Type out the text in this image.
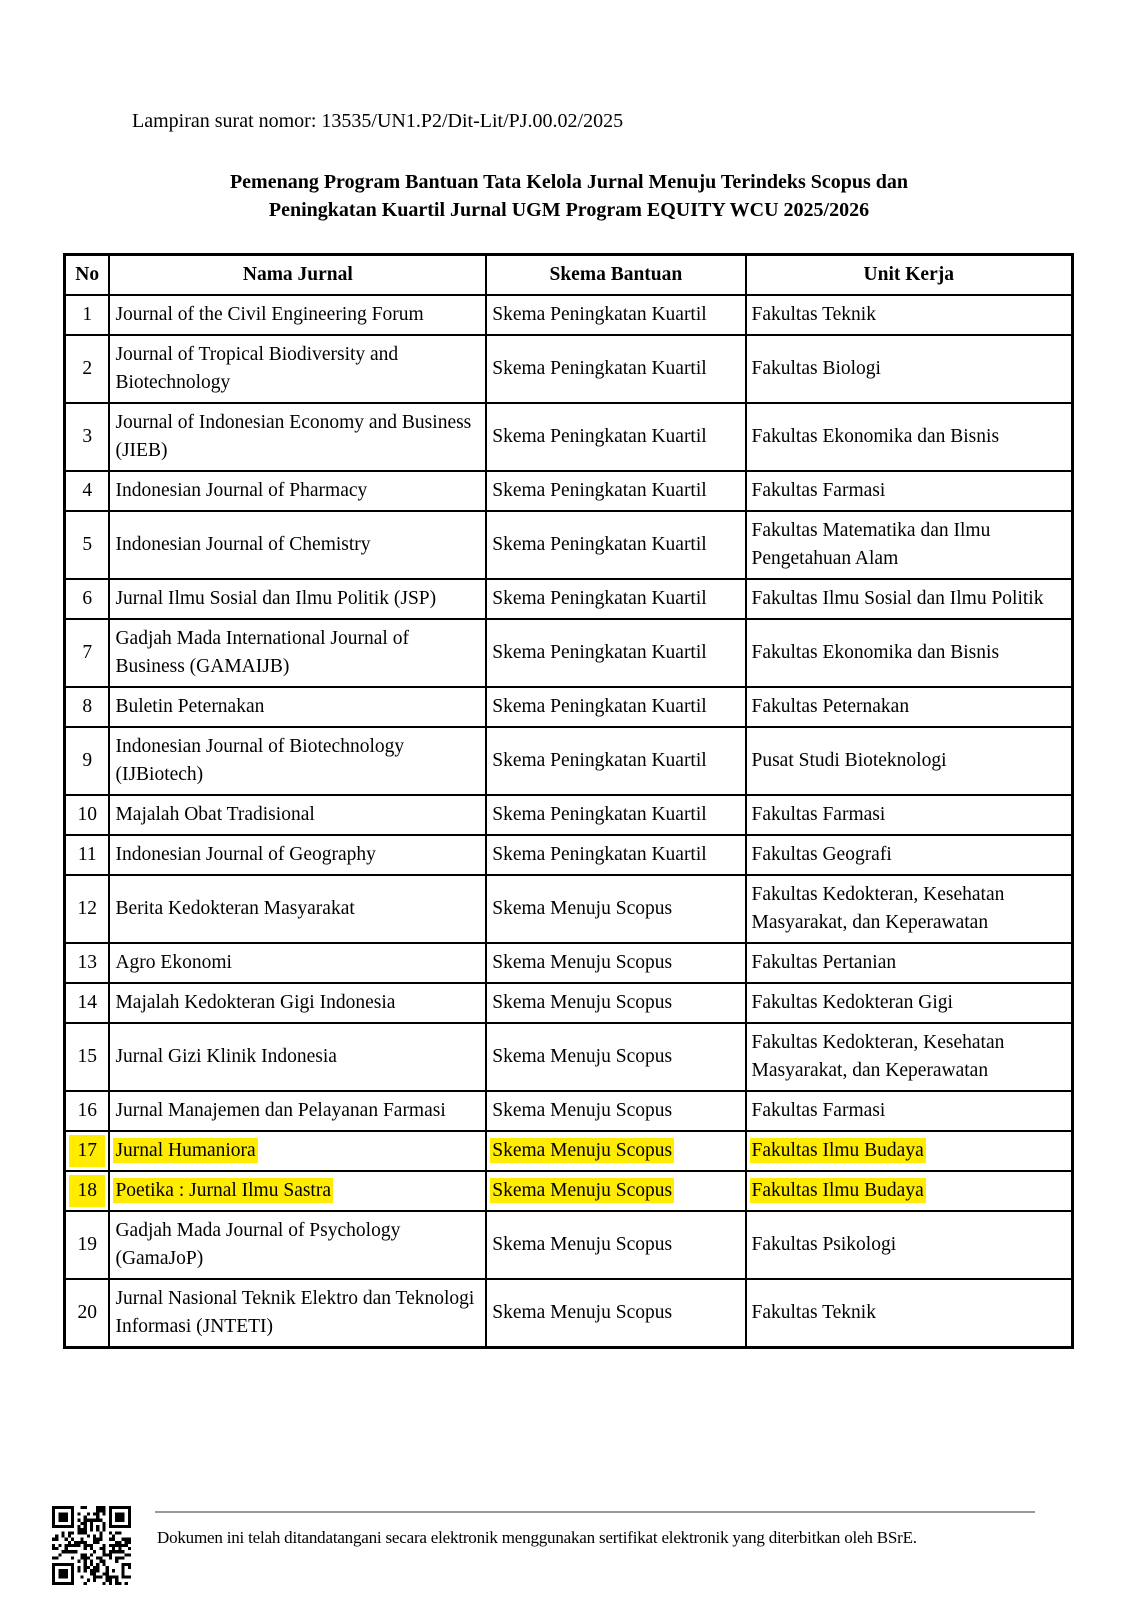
Lampiran surat nomor: 13535/UN1.P2/Dit-Lit/PJ.00.02/2025
Pemenang Program Bantuan Tata Kelola Jurnal Menuju Terindeks Scopus dan
Peningkatan Kuartil Jurnal UGM Program EQUITY WCU 2025/2026
No	Nama Jurnal	Skema Bantuan	Unit Kerja
1	Journal of the Civil Engineering Forum	Skema Peningkatan Kuartil	Fakultas Teknik
2	Journal of Tropical Biodiversity and Biotechnology	Skema Peningkatan Kuartil	Fakultas Biologi
3	Journal of Indonesian Economy and Business (JIEB)	Skema Peningkatan Kuartil	Fakultas Ekonomika dan Bisnis
4	Indonesian Journal of Pharmacy	Skema Peningkatan Kuartil	Fakultas Farmasi
5	Indonesian Journal of Chemistry	Skema Peningkatan Kuartil	Fakultas Matematika dan Ilmu Pengetahuan Alam
6	Jurnal Ilmu Sosial dan Ilmu Politik (JSP)	Skema Peningkatan Kuartil	Fakultas Ilmu Sosial dan Ilmu Politik
7	Gadjah Mada International Journal of Business (GAMAIJB)	Skema Peningkatan Kuartil	Fakultas Ekonomika dan Bisnis
8	Buletin Peternakan	Skema Peningkatan Kuartil	Fakultas Peternakan
9	Indonesian Journal of Biotechnology (IJBiotech)	Skema Peningkatan Kuartil	Pusat Studi Bioteknologi
10	Majalah Obat Tradisional	Skema Peningkatan Kuartil	Fakultas Farmasi
11	Indonesian Journal of Geography	Skema Peningkatan Kuartil	Fakultas Geografi
12	Berita Kedokteran Masyarakat	Skema Menuju Scopus	Fakultas Kedokteran, Kesehatan Masyarakat, dan Keperawatan
13	Agro Ekonomi	Skema Menuju Scopus	Fakultas Pertanian
14	Majalah Kedokteran Gigi Indonesia	Skema Menuju Scopus	Fakultas Kedokteran Gigi
15	Jurnal Gizi Klinik Indonesia	Skema Menuju Scopus	Fakultas Kedokteran, Kesehatan Masyarakat, dan Keperawatan
16	Jurnal Manajemen dan Pelayanan Farmasi	Skema Menuju Scopus	Fakultas Farmasi
17	Jurnal Humaniora	Skema Menuju Scopus	Fakultas Ilmu Budaya
18	Poetika : Jurnal Ilmu Sastra	Skema Menuju Scopus	Fakultas Ilmu Budaya
19	Gadjah Mada Journal of Psychology (GamaJoP)	Skema Menuju Scopus	Fakultas Psikologi
20	Jurnal Nasional Teknik Elektro dan Teknologi Informasi (JNTETI)	Skema Menuju Scopus	Fakultas Teknik
Dokumen ini telah ditandatangani secara elektronik menggunakan sertifikat elektronik yang diterbitkan oleh BSrE.
